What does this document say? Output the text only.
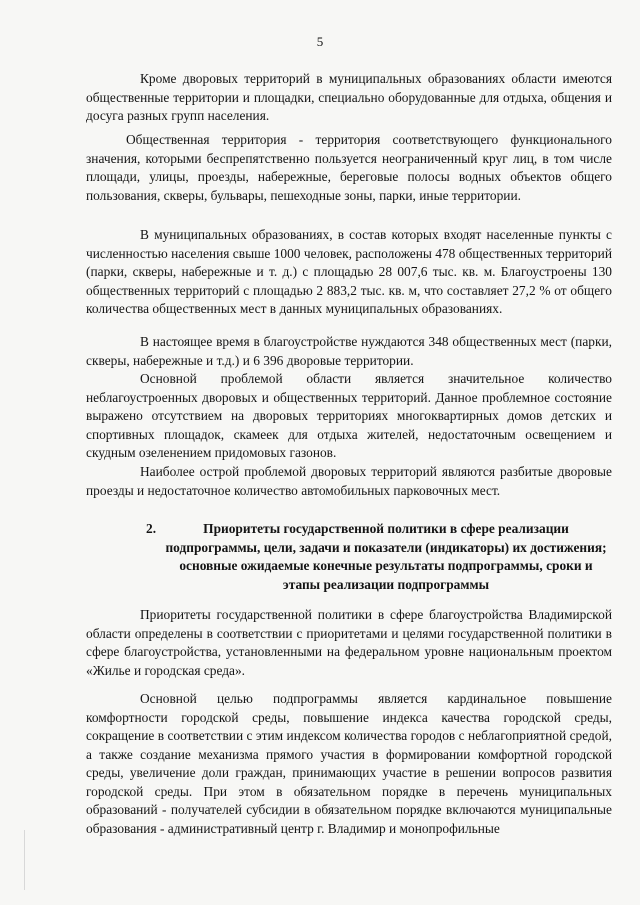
5

Кроме дворовых территорий в муниципальных образованиях области имеются общественные территории и площадки, специально оборудованные для отдыха, общения и досуга разных групп населения.

Общественная территория - территория соответствующего функционального значения, которыми беспрепятственно пользуется неограниченный круг лиц, в том числе площади, улицы, проезды, набережные, береговые полосы водных объектов общего пользования, скверы, бульвары, пешеходные зоны, парки, иные территории.

В муниципальных образованиях, в состав которых входят населенные пункты с численностью населения свыше 1000 человек, расположены 478 общественных территорий (парки, скверы, набережные и т. д.) с площадью 28 007,6 тыс. кв. м. Благоустроены 130 общественных территорий с площадью 2 883,2 тыс. кв. м, что составляет 27,2 % от общего количества общественных мест в данных муниципальных образованиях.

В настоящее время в благоустройстве нуждаются 348 общественных мест (парки, скверы, набережные и т.д.) и 6 396 дворовые территории.

Основной проблемой области является значительное количество неблагоустроенных дворовых и общественных территорий. Данное проблемное состояние выражено отсутствием на дворовых территориях многоквартирных домов детских и спортивных площадок, скамеек для отдыха жителей, недостаточным освещением и скудным озеленением придомовых газонов.

Наиболее острой проблемой дворовых территорий являются разбитые дворовые проезды и недостаточное количество автомобильных парковочных мест.

2.	Приоритеты государственной политики в сфере реализации подпрограммы, цели, задачи и показатели (индикаторы) их достижения; основные ожидаемые конечные результаты подпрограммы, сроки и этапы реализации подпрограммы

Приоритеты государственной политики в сфере благоустройства Владимирской области определены в соответствии с приоритетами и целями государственной политики в сфере благоустройства, установленными на федеральном уровне национальным проектом «Жилье и городская среда».

Основной целью подпрограммы является кардинальное повышение комфортности городской среды, повышение индекса качества городской среды, сокращение в соответствии с этим индексом количества городов с неблагоприятной средой, а также создание механизма прямого участия в формировании комфортной городской среды, увеличение доли граждан, принимающих участие в решении вопросов развития городской среды. При этом в обязательном порядке в перечень муниципальных образований - получателей субсидии в обязательном порядке включаются муниципальные образования - административный центр г. Владимир и монопрофильные
